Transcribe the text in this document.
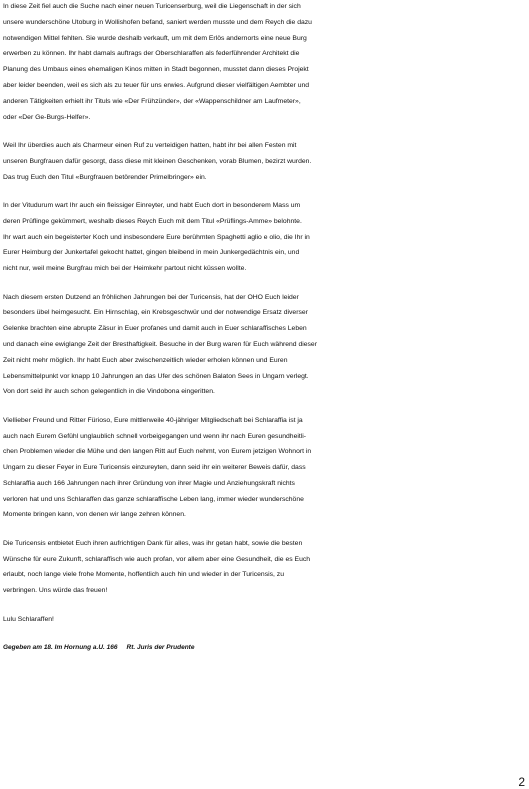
In diese Zeit fiel auch die Suche nach einer neuen Turicenserburg, weil die Liegenschaft in der sich
unsere wunderschöne Utoburg in Wollishofen befand, saniert werden musste und dem Reych die dazu
notwendigen Mittel fehlten. Sie wurde deshalb verkauft, um mit dem Erlös andernorts eine neue Burg
erwerben zu können. Ihr habt damals auftrags der Oberschlaraffen als federführender Architekt die
Planung des Umbaus eines ehemaligen Kinos mitten in Stadt begonnen, musstet dann dieses Projekt
aber leider beenden, weil es sich als zu teuer für uns erwies. Aufgrund dieser vielfältigen Aembter und
anderen Tätigkeiten erhielt ihr Tituls wie «Der Frühzünder», der «Wappenschildner am Laufmeter»,
oder «Der Ge-Burgs-Helfer».

Weil Ihr überdies auch als Charmeur einen Ruf zu verteidigen hatten, habt ihr bei allen Festen mit
unseren Burgfrauen dafür gesorgt, dass diese mit kleinen Geschenken, vorab Blumen, bezirzt wurden.
Das trug Euch den Titul «Burgfrauen betörender Primelbringer» ein.

In der Vitudurum wart Ihr auch ein fleissiger Einreyter, und habt Euch dort in besonderem Mass um
deren Prüflinge gekümmert, weshalb dieses Reych Euch mit dem Titul «Prüflings-Amme» belohnte.
Ihr wart auch ein begeisterter Koch und insbesondere Eure berühmten Spaghetti aglio e olio, die Ihr in
Eurer Heimburg der Junkertafel gekocht hattet, gingen bleibend in mein Junkergedächtnis ein, und
nicht nur, weil meine Burgfrau mich bei der Heimkehr partout nicht küssen wollte.

Nach diesem ersten Dutzend an fröhlichen Jahrungen bei der Turicensis, hat der OHO Euch leider
besonders übel heimgesucht. Ein Hirnschlag, ein Krebsgeschwür und der notwendige Ersatz diverser
Gelenke brachten eine abrupte Zäsur in Euer profanes und damit auch in Euer schlaraffisches Leben
und danach eine ewiglange Zeit der Bresthaftigkeit. Besuche in der Burg waren für Euch während dieser
Zeit nicht mehr möglich. Ihr habt Euch aber zwischenzeitlich wieder erholen können und Euren
Lebensmittelpunkt vor knapp 10 Jahrungen an das Ufer des schönen Balaton Sees in Ungarn verlegt.
Von dort seid ihr auch schon gelegentlich in die Vindobona eingeritten.

Viellieber Freund und Ritter Fürioso, Eure mittlerweile 40-jähriger Mitgliedschaft bei Schlaraffia ist ja
auch nach Eurem Gefühl unglaublich schnell vorbeigegangen und wenn ihr nach Euren gesundheitli-
chen Problemen wieder die Mühe und den langen Ritt auf Euch nehmt, von Eurem jetzigen Wohnort in
Ungarn zu dieser Feyer in Eure Turicensis einzureyten, dann seid ihr ein weiterer Beweis dafür, dass
Schlaraffia auch 166 Jahrungen nach ihrer Gründung von ihrer Magie und Anziehungskraft nichts
verloren hat und uns Schlaraffen das ganze schlaraffische Leben lang, immer wieder wunderschöne
Momente bringen kann, von denen wir lange zehren können.

Die Turicensis entbietet Euch ihren aufrichtigen Dank für alles, was ihr getan habt, sowie die besten
Wünsche für eure Zukunft, schlaraffisch wie auch profan, vor allem aber eine Gesundheit, die es Euch
erlaubt, noch lange viele frohe Momente, hoffentlich auch hin und wieder in der Turicensis, zu
verbringen. Uns würde das freuen!

Lulu Schlaraffen!

Gegeben am 18. Im Hornung a.U. 166     Rt. Juris der Prudente

2
